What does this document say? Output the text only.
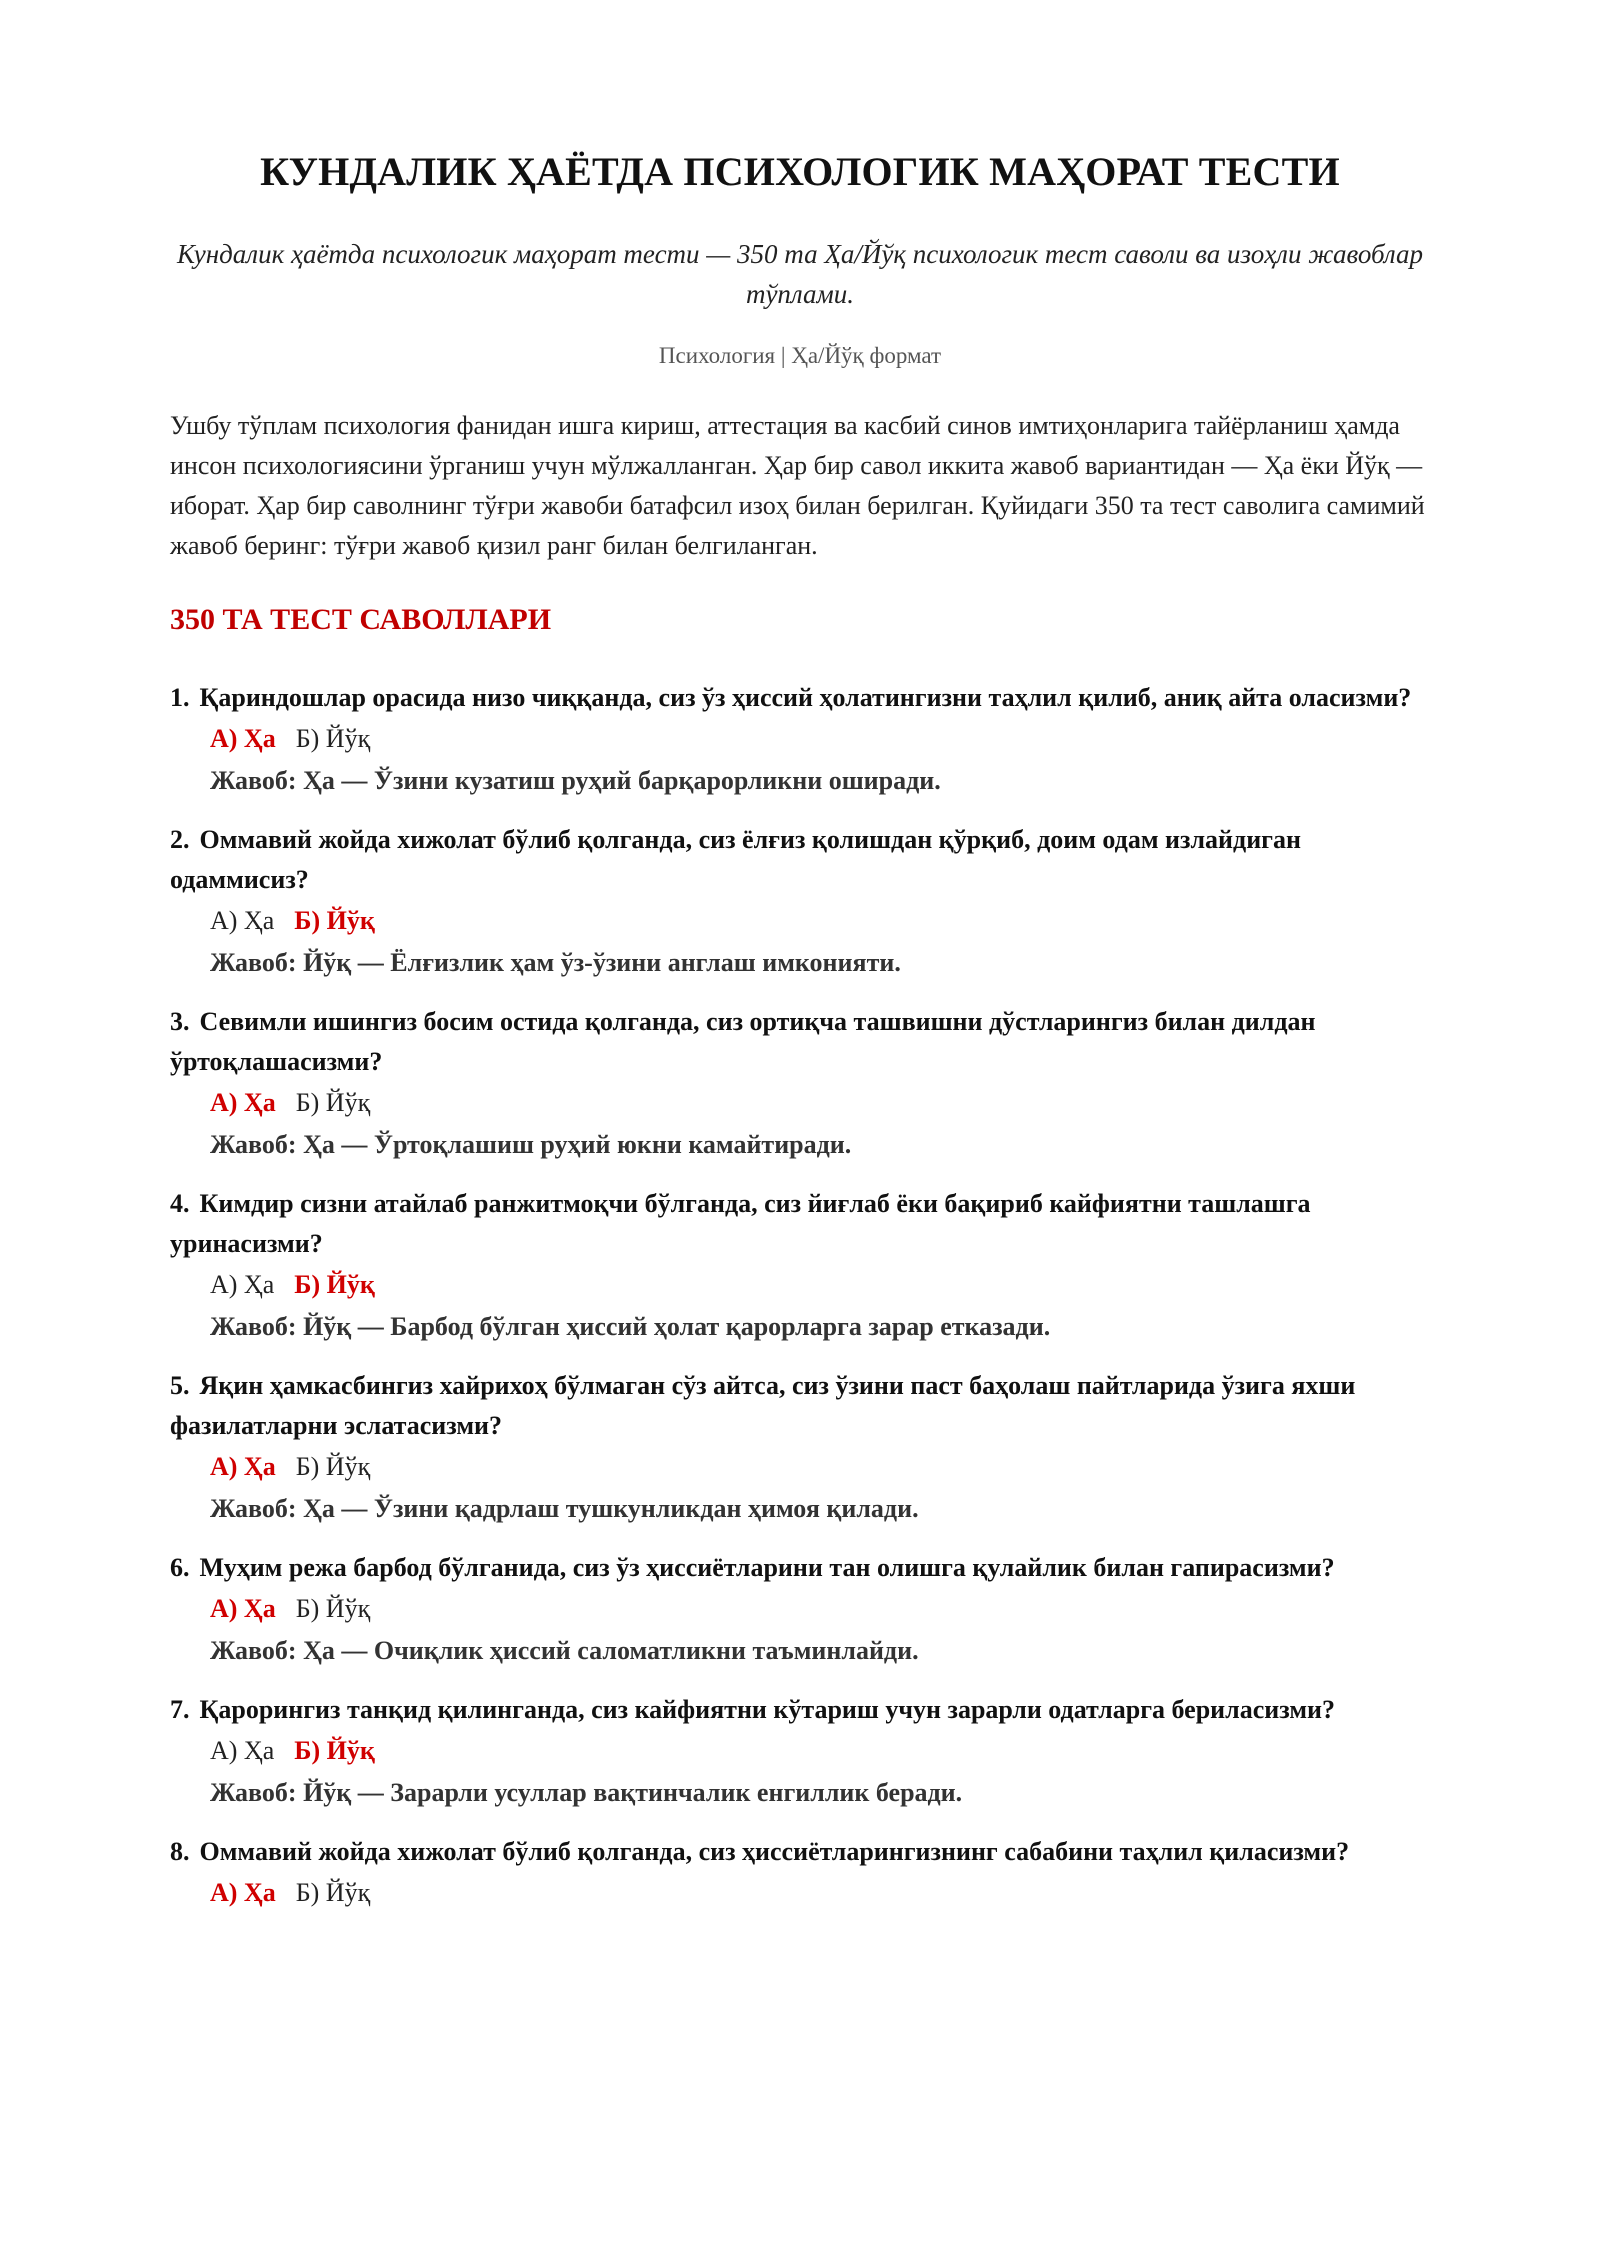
КУНДАЛИК ҲАЁТДА ПСИХОЛОГИК МАҲОРАТ ТЕСТИ

Кундалик ҳаётда психологик маҳорат тести — 350 та Ҳа/Йўқ психологик тест саволи ва изоҳли жавоблар тўплами.

Психология | Ҳа/Йўқ формат

Ушбу тўплам психология фанидан ишга кириш, аттестация ва касбий синов имтиҳонларига тайёрланиш ҳамда инсон психологиясини ўрганиш учун мўлжалланган. Ҳар бир савол иккита жавоб вариантидан — Ҳа ёки Йўқ — иборат. Ҳар бир саволнинг тўғри жавоби батафсил изоҳ билан берилган. Қуйидаги 350 та тест саволига самимий жавоб беринг: тўғри жавоб қизил ранг билан белгиланган.

350 ТА ТЕСТ САВОЛЛАРИ

1. Қариндошлар орасида низо чиққанда, сиз ўз ҳиссий ҳолатингизни таҳлил қилиб, аниқ айта оласизми?

А) Ҳа Б) Йўқ

Жавоб: Ҳа — Ўзини кузатиш руҳий барқарорликни оширади.

2. Оммавий жойда хижолат бўлиб қолганда, сиз ёлғиз қолишдан қўрқиб, доим одам излайдиган одаммисиз?

А) Ҳа Б) Йўқ

Жавоб: Йўқ — Ёлғизлик ҳам ўз-ўзини англаш имконияти.

3. Севимли ишингиз босим остида қолганда, сиз ортиқча ташвишни дўстларингиз билан дилдан ўртоқлашасизми?

А) Ҳа Б) Йўқ

Жавоб: Ҳа — Ўртоқлашиш руҳий юкни камайтиради.

4. Кимдир сизни атайлаб ранжитмоқчи бўлганда, сиз йиғлаб ёки бақириб кайфиятни ташлашга уринасизми?

А) Ҳа Б) Йўқ

Жавоб: Йўқ — Барбод бўлган ҳиссий ҳолат қарорларга зарар етказади.

5. Яқин ҳамкасбингиз хайрихоҳ бўлмаган сўз айтса, сиз ўзини паст баҳолаш пайтларида ўзига яхши фазилатларни эслатасизми?

А) Ҳа Б) Йўқ

Жавоб: Ҳа — Ўзини қадрлаш тушкунликдан ҳимоя қилади.

6. Муҳим режа барбод бўлганида, сиз ўз ҳиссиётларини тан олишга қулайлик билан гапирасизми?

А) Ҳа Б) Йўқ

Жавоб: Ҳа — Очиқлик ҳиссий саломатликни таъминлайди.

7. Қарорингиз танқид қилинганда, сиз кайфиятни кўтариш учун зарарли одатларга бериласизми?

А) Ҳа Б) Йўқ

Жавоб: Йўқ — Зарарли усуллар вақтинчалик енгиллик беради.

8. Оммавий жойда хижолат бўлиб қолганда, сиз ҳиссиётларингизнинг сабабини таҳлил қиласизми?

А) Ҳа Б) Йўқ
